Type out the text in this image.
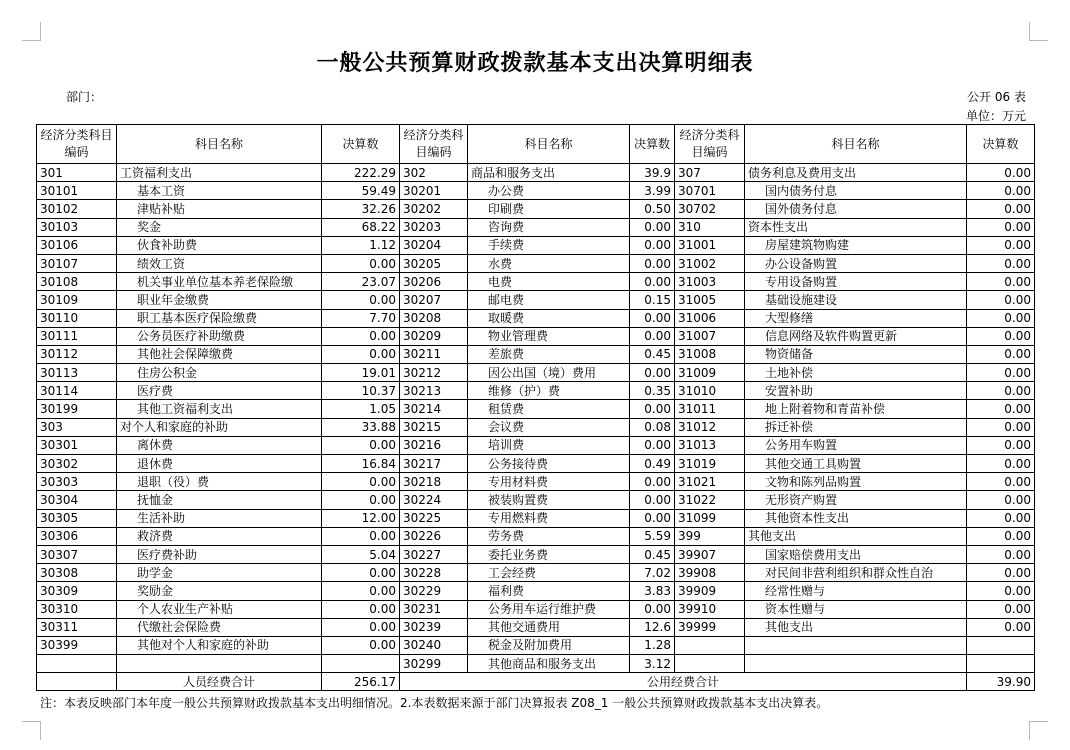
一般公共预算财政拨款基本支出决算明细表
部门：	公开 06 表
单位：万元
经济分类科目编码	科目名称	决算数	经济分类科目编码	科目名称	决算数	经济分类科目编码	科目名称	决算数
301	工资福利支出	222.29	302	商品和服务支出	39.9	307	债务利息及费用支出	0.00
30101	基本工资	59.49	30201	办公费	3.99	30701	国内债务付息	0.00
30102	津贴补贴	32.26	30202	印刷费	0.50	30702	国外债务付息	0.00
30103	奖金	68.22	30203	咨询费	0.00	310	资本性支出	0.00
30106	伙食补助费	1.12	30204	手续费	0.00	31001	房屋建筑物购建	0.00
30107	绩效工资	0.00	30205	水费	0.00	31002	办公设备购置	0.00
30108	机关事业单位基本养老保险缴	23.07	30206	电费	0.00	31003	专用设备购置	0.00
30109	职业年金缴费	0.00	30207	邮电费	0.15	31005	基础设施建设	0.00
30110	职工基本医疗保险缴费	7.70	30208	取暖费	0.00	31006	大型修缮	0.00
30111	公务员医疗补助缴费	0.00	30209	物业管理费	0.00	31007	信息网络及软件购置更新	0.00
30112	其他社会保障缴费	0.00	30211	差旅费	0.45	31008	物资储备	0.00
30113	住房公积金	19.01	30212	因公出国（境）费用	0.00	31009	土地补偿	0.00
30114	医疗费	10.37	30213	维修（护）费	0.35	31010	安置补助	0.00
30199	其他工资福利支出	1.05	30214	租赁费	0.00	31011	地上附着物和青苗补偿	0.00
303	对个人和家庭的补助	33.88	30215	会议费	0.08	31012	拆迁补偿	0.00
30301	离休费	0.00	30216	培训费	0.00	31013	公务用车购置	0.00
30302	退休费	16.84	30217	公务接待费	0.49	31019	其他交通工具购置	0.00
30303	退职（役）费	0.00	30218	专用材料费	0.00	31021	文物和陈列品购置	0.00
30304	抚恤金	0.00	30224	被装购置费	0.00	31022	无形资产购置	0.00
30305	生活补助	12.00	30225	专用燃料费	0.00	31099	其他资本性支出	0.00
30306	救济费	0.00	30226	劳务费	5.59	399	其他支出	0.00
30307	医疗费补助	5.04	30227	委托业务费	0.45	39907	国家赔偿费用支出	0.00
30308	助学金	0.00	30228	工会经费	7.02	39908	对民间非营利组织和群众性自治	0.00
30309	奖励金	0.00	30229	福利费	3.83	39909	经常性赠与	0.00
30310	个人农业生产补贴	0.00	30231	公务用车运行维护费	0.00	39910	资本性赠与	0.00
30311	代缴社会保险费	0.00	30239	其他交通费用	12.6	39999	其他支出	0.00
30399	其他对个人和家庭的补助	0.00	30240	税金及附加费用	1.28			
			30299	其他商品和服务支出	3.12			
	人员经费合计	256.17	公用经费合计					39.90
注：本表反映部门本年度一般公共预算财政拨款基本支出明细情况。2.本表数据来源于部门决算报表 Z08_1 一般公共预算财政拨款基本支出决算表。
